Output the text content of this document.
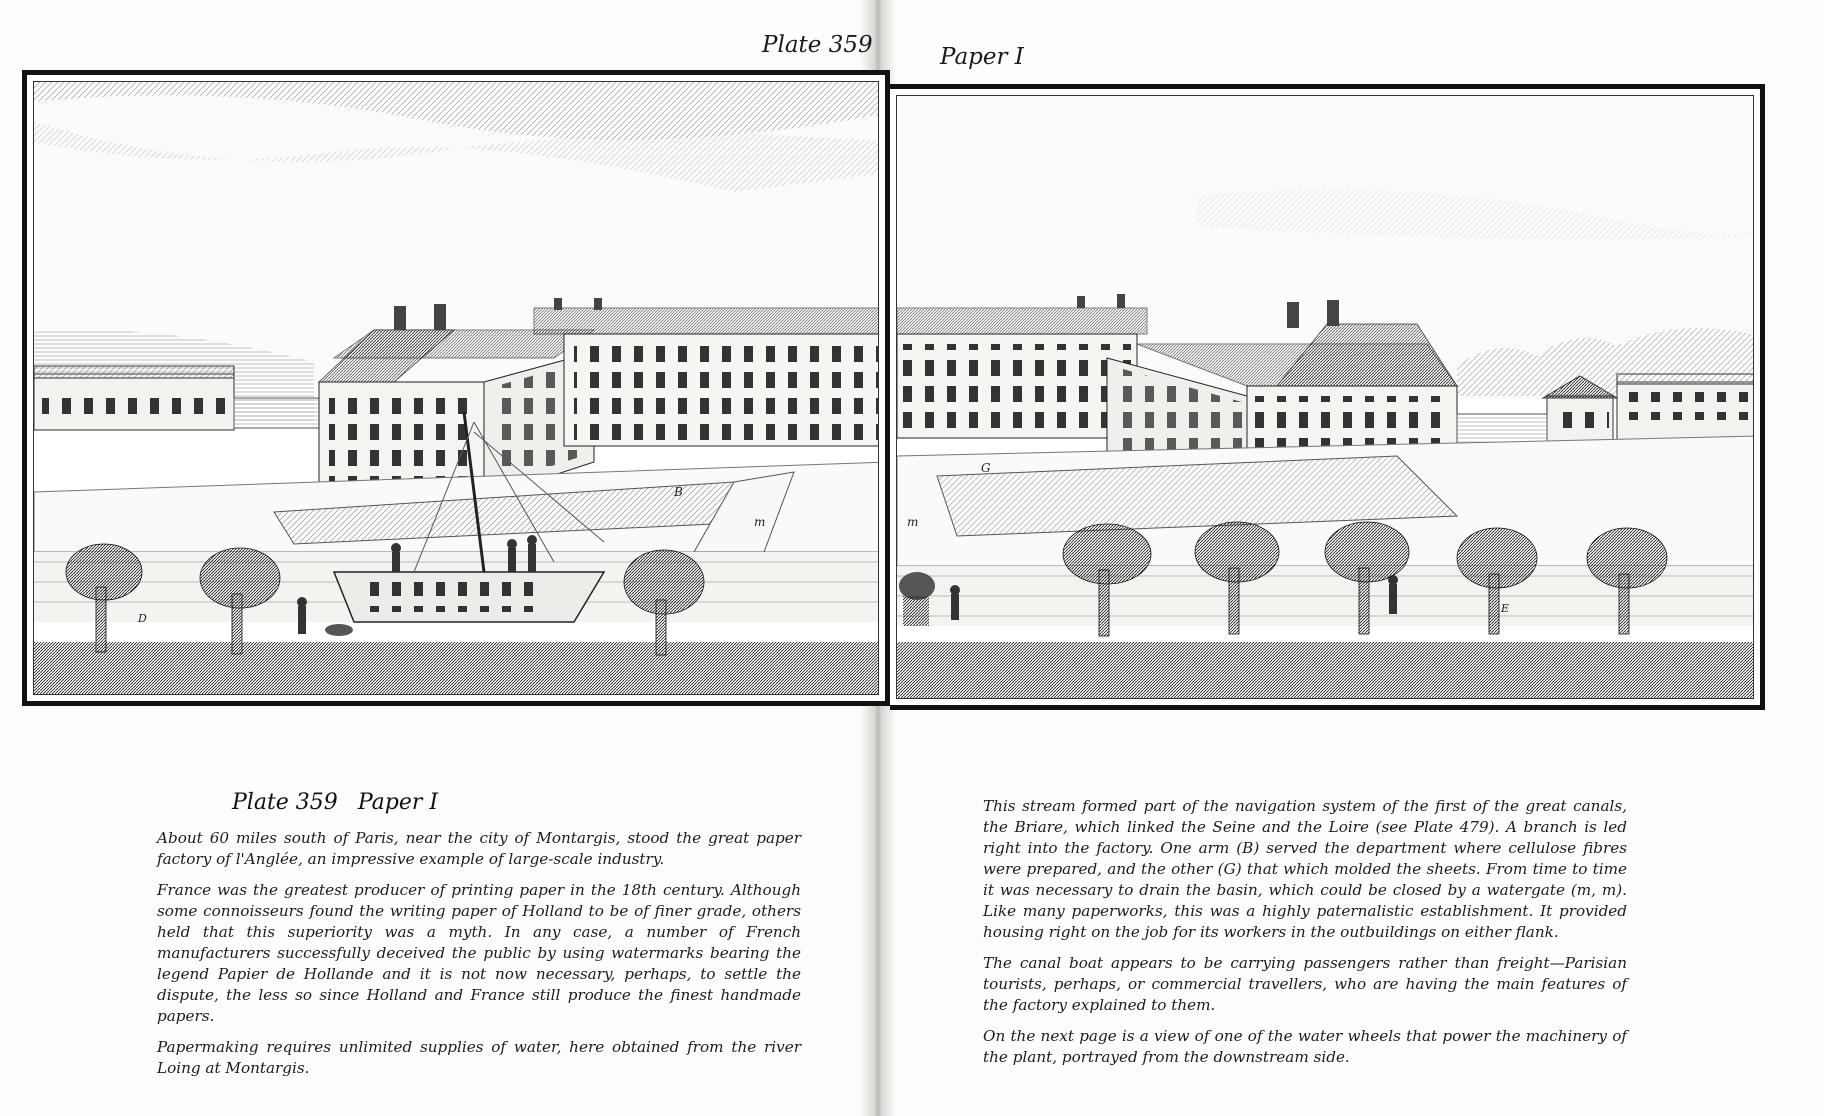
Plate 359	Paper I
B
m
D
G
m
E
Plate 359 Paper I

About 60 miles south of Paris, near the city of Montargis, stood the great paper factory of l'Anglée, an impressive example of large-scale industry.

France was the greatest producer of printing paper in the 18th century. Although some connoisseurs found the writing paper of Holland to be of finer grade, others held that this superiority was a myth. In any case, a number of French manufacturers successfully deceived the public by using watermarks bearing the legend Papier de Hollande and it is not now necessary, perhaps, to settle the dispute, the less so since Holland and France still produce the finest handmade papers.

Papermaking requires unlimited supplies of water, here obtained from the river Loing at Montargis.

This stream formed part of the navigation system of the first of the great canals, the Briare, which linked the Seine and the Loire (see Plate 479). A branch is led right into the factory. One arm (B) served the department where cellulose fibres were prepared, and the other (G) that which molded the sheets. From time to time it was necessary to drain the basin, which could be closed by a watergate (m, m). Like many paperworks, this was a highly paternalistic establishment. It provided housing right on the job for its workers in the outbuildings on either flank.

The canal boat appears to be carrying passengers rather than freight—Parisian tourists, perhaps, or commercial travellers, who are having the main features of the factory explained to them.

On the next page is a view of one of the water wheels that power the machinery of the plant, portrayed from the downstream side.
